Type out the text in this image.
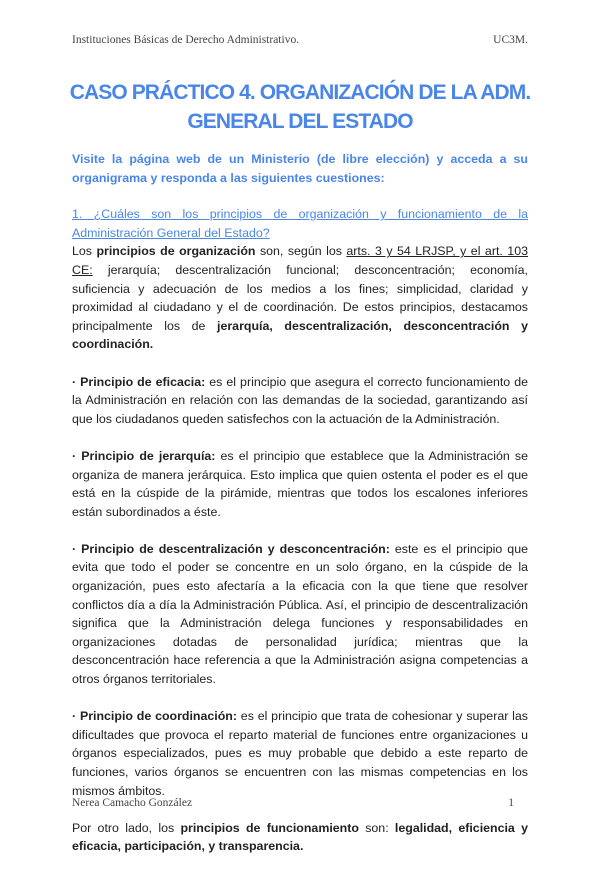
Instituciones Básicas de Derecho Administrativo.	UC3M.
CASO PRÁCTICO 4. ORGANIZACIÓN DE LA ADM.
GENERAL DEL ESTADO

Visite la página web de un Ministerio (de libre elección) y acceda a su organigrama y responda a las siguientes cuestiones:

1. ¿Cuáles son los principios de organización y funcionamiento de la Administración General del Estado?

Los principios de organización son, según los arts. 3 y 54 LRJSP, y el art. 103 CE: jerarquía; descentralización funcional; desconcentración; economía, suficiencia y adecuación de los medios a los fines; simplicidad, claridad y proximidad al ciudadano y el de coordinación. De estos principios, destacamos principalmente los de jerarquía, descentralización, desconcentración y coordinación.

· Principio de eficacia: es el principio que asegura el correcto funcionamiento de la Administración en relación con las demandas de la sociedad, garantizando así que los ciudadanos queden satisfechos con la actuación de la Administración.

· Principio de jerarquía: es el principio que establece que la Administración se organiza de manera jerárquica. Esto implica que quien ostenta el poder es el que está en la cúspide de la pirámide, mientras que todos los escalones inferiores están subordinados a éste.

· Principio de descentralización y desconcentración: este es el principio que evita que todo el poder se concentre en un solo órgano, en la cúspide de la organización, pues esto afectaría a la eficacia con la que tiene que resolver conflictos día a día la Administración Pública. Así, el principio de descentralización significa que la Administración delega funciones y responsabilidades en organizaciones dotadas de personalidad jurídica; mientras que la desconcentración hace referencia a que la Administración asigna competencias a otros órganos territoriales.

· Principio de coordinación: es el principio que trata de cohesionar y superar las dificultades que provoca el reparto material de funciones entre organizaciones u órganos especializados, pues es muy probable que debido a este reparto de funciones, varios órganos se encuentren con las mismas competencias en los mismos ámbitos.

Por otro lado, los principios de funcionamiento son: legalidad, eficiencia y eficacia, participación, y transparencia.

Nerea Camacho González	1
